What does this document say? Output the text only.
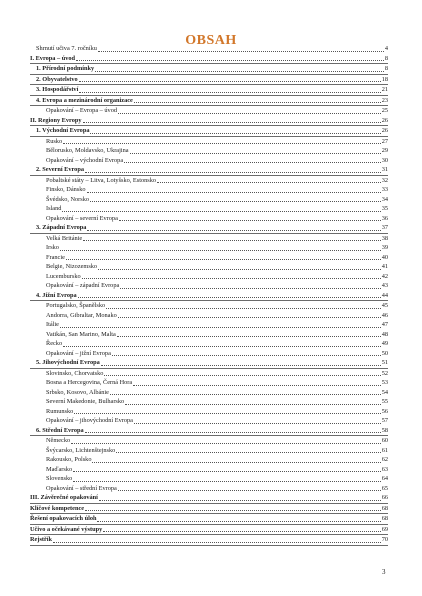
OBSAH
Shrnutí učiva 7. ročníku	4
I. Evropa – úvod	8
1. Přírodní podmínky	8
2. Obyvatelstvo	18
3. Hospodářství	21
4. Evropa a mezinárodní organizace	23
Opakování – Evropa – úvod	25
II. Regiony Evropy	26
1. Východní Evropa	26
Rusko	27
Bělorusko, Moldavsko, Ukrajina	29
Opakování – východní Evropa	30
2. Severní Evropa	31
Pobaltské státy – Litva, Lotyšsko, Estonsko	32
Finsko, Dánsko	33
Švédsko, Norsko	34
Island	35
Opakování – severní Evropa	36
3. Západní Evropa	37
Velká Británie	38
Irsko	39
Francie	40
Belgie, Nizozemsko	41
Lucembursko	42
Opakování – západní Evropa	43
4. Jižní Evropa	44
Portugalsko, Španělsko	45
Andorra, Gibraltar, Monako	46
Itálie	47
Vatikán, San Marino, Malta	48
Řecko	49
Opakování – jižní Evropa	50
5. Jihovýchodní Evropa	51
Slovinsko, Chorvatsko	52
Bosna a Hercegovina, Černá Hora	53
Srbsko, Kosovo, Albánie	54
Severní Makedonie, Bulharsko	55
Rumunsko	56
Opakování – jihovýchodní Evropa	57
6. Střední Evropa	58
Německo	60
Švýcarsko, Lichtenštejnsko	61
Rakousko, Polsko	62
Maďarsko	63
Slovensko	64
Opakování – střední Evropa	65
III. Závěrečné opakování	66
Klíčové kompetence	68
Řešení opakovacích úloh	68
Učivo a očekávané výstupy	69
Rejstřík	70
3
